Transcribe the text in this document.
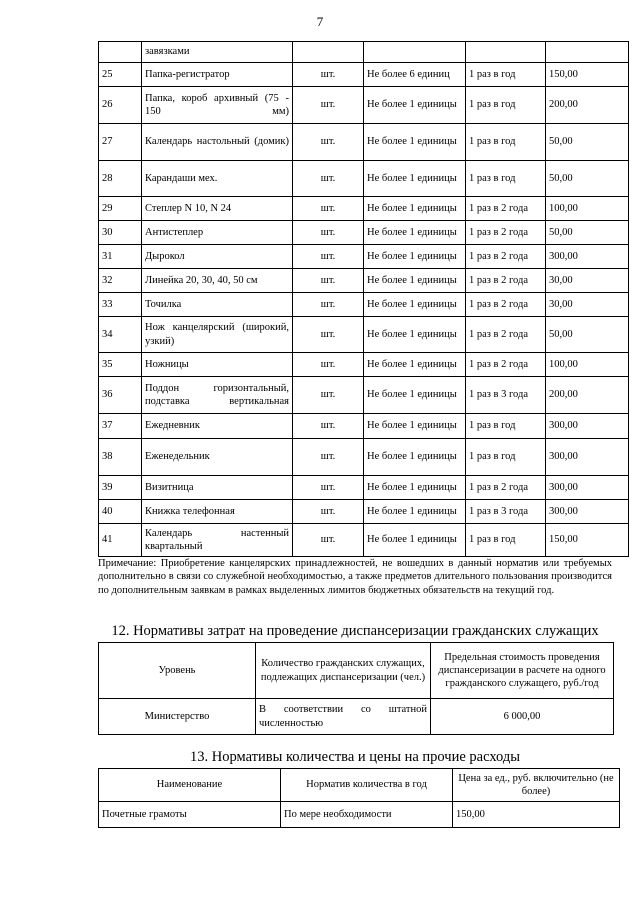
7
	завязками				
25	Папка-регистратор	шт.	Не более 6 единиц	1 раз в год	150,00
26	Папка, короб архивный (75 - 150 мм)	шт.	Не более 1 единицы	1 раз в год	200,00
27	Календарь настольный (домик)	шт.	Не более 1 единицы	1 раз в год	50,00
28	Карандаши мех.	шт.	Не более 1 единицы	1 раз в год	50,00
29	Степлер N 10, N 24	шт.	Не более 1 единицы	1 раз в 2 года	100,00
30	Антистеплер	шт.	Не более 1 единицы	1 раз в 2 года	50,00
31	Дырокол	шт.	Не более 1 единицы	1 раз в 2 года	300,00
32	Линейка 20, 30, 40, 50 см	шт.	Не более 1 единицы	1 раз в 2 года	30,00
33	Точилка	шт.	Не более 1 единицы	1 раз в 2 года	30,00
34	Нож канцелярский (широкий, узкий)	шт.	Не более 1 единицы	1 раз в 2 года	50,00
35	Ножницы	шт.	Не более 1 единицы	1 раз в 2 года	100,00
36	Поддон горизонтальный, подставка вертикальная	шт.	Не более 1 единицы	1 раз в 3 года	200,00
37	Ежедневник	шт.	Не более 1 единицы	1 раз в год	300,00
38	Еженедельник	шт.	Не более 1 единицы	1 раз в год	300,00
39	Визитница	шт.	Не более 1 единицы	1 раз в 2 года	300,00
40	Книжка телефонная	шт.	Не более 1 единицы	1 раз в 3 года	300,00
41	Календарь настенный квартальный	шт.	Не более 1 единицы	1 раз в год	150,00
Примечание: Приобретение канцелярских принадлежностей, не вошедших в данный норматив или требуемых дополнительно в связи со служебной необходимостью, а также предметов длительного пользования производится по дополнительным заявкам в рамках выделенных лимитов бюджетных обязательств на текущий год.
12. Нормативы затрат на проведение диспансеризации гражданских служащих
Уровень	Количество гражданских служащих, подлежащих диспансеризации (чел.)	Предельная стоимость проведения диспансеризации в расчете на одного гражданского служащего, руб./год
Министерство	В соответствии со штатной численностью	6 000,00
13. Нормативы количества и цены на прочие расходы
Наименование	Норматив количества в год	Цена за ед., руб. включительно (не более)
Почетные грамоты	По мере необходимости	150,00
